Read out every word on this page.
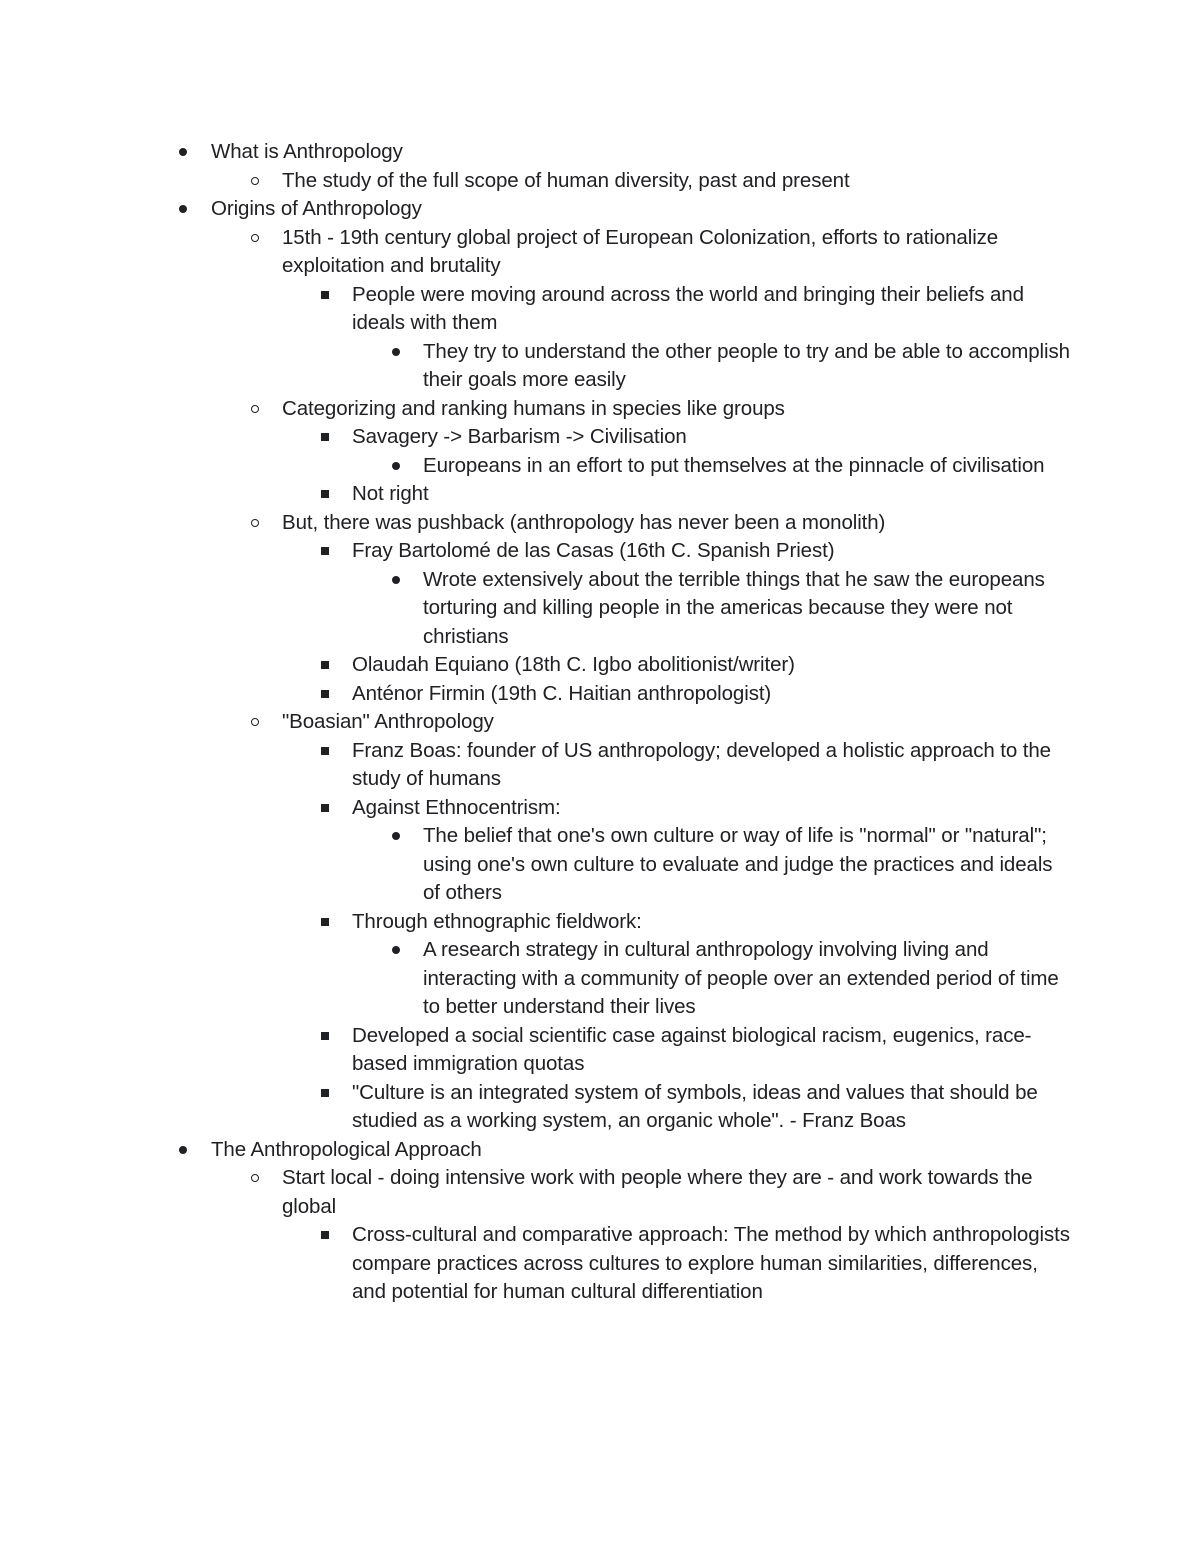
What is Anthropology
The study of the full scope of human diversity, past and present
Origins of Anthropology
15th - 19th century global project of European Colonization, efforts to rationalize exploitation and brutality
People were moving around across the world and bringing their beliefs and ideals with them
They try to understand the other people to try and be able to accomplish their goals more easily
Categorizing and ranking humans in species like groups
Savagery -> Barbarism -> Civilisation
Europeans in an effort to put themselves at the pinnacle of civilisation
Not right
But, there was pushback (anthropology has never been a monolith)
Fray Bartolomé de las Casas (16th C. Spanish Priest)
Wrote extensively about the terrible things that he saw the europeans torturing and killing people in the americas because they were not christians
Olaudah Equiano (18th C. Igbo abolitionist/writer)
Anténor Firmin (19th C. Haitian anthropologist)
"Boasian" Anthropology
Franz Boas: founder of US anthropology; developed a holistic approach to the study of humans
Against Ethnocentrism:
The belief that one's own culture or way of life is "normal" or "natural"; using one's own culture to evaluate and judge the practices and ideals of others
Through ethnographic fieldwork:
A research strategy in cultural anthropology involving living and interacting with a community of people over an extended period of time to better understand their lives
Developed a social scientific case against biological racism, eugenics, race-based immigration quotas
"Culture is an integrated system of symbols, ideas and values that should be studied as a working system, an organic whole". - Franz Boas
The Anthropological Approach
Start local - doing intensive work with people where they are - and work towards the global
Cross-cultural and comparative approach: The method by which anthropologists compare practices across cultures to explore human similarities, differences, and potential for human cultural differentiation
